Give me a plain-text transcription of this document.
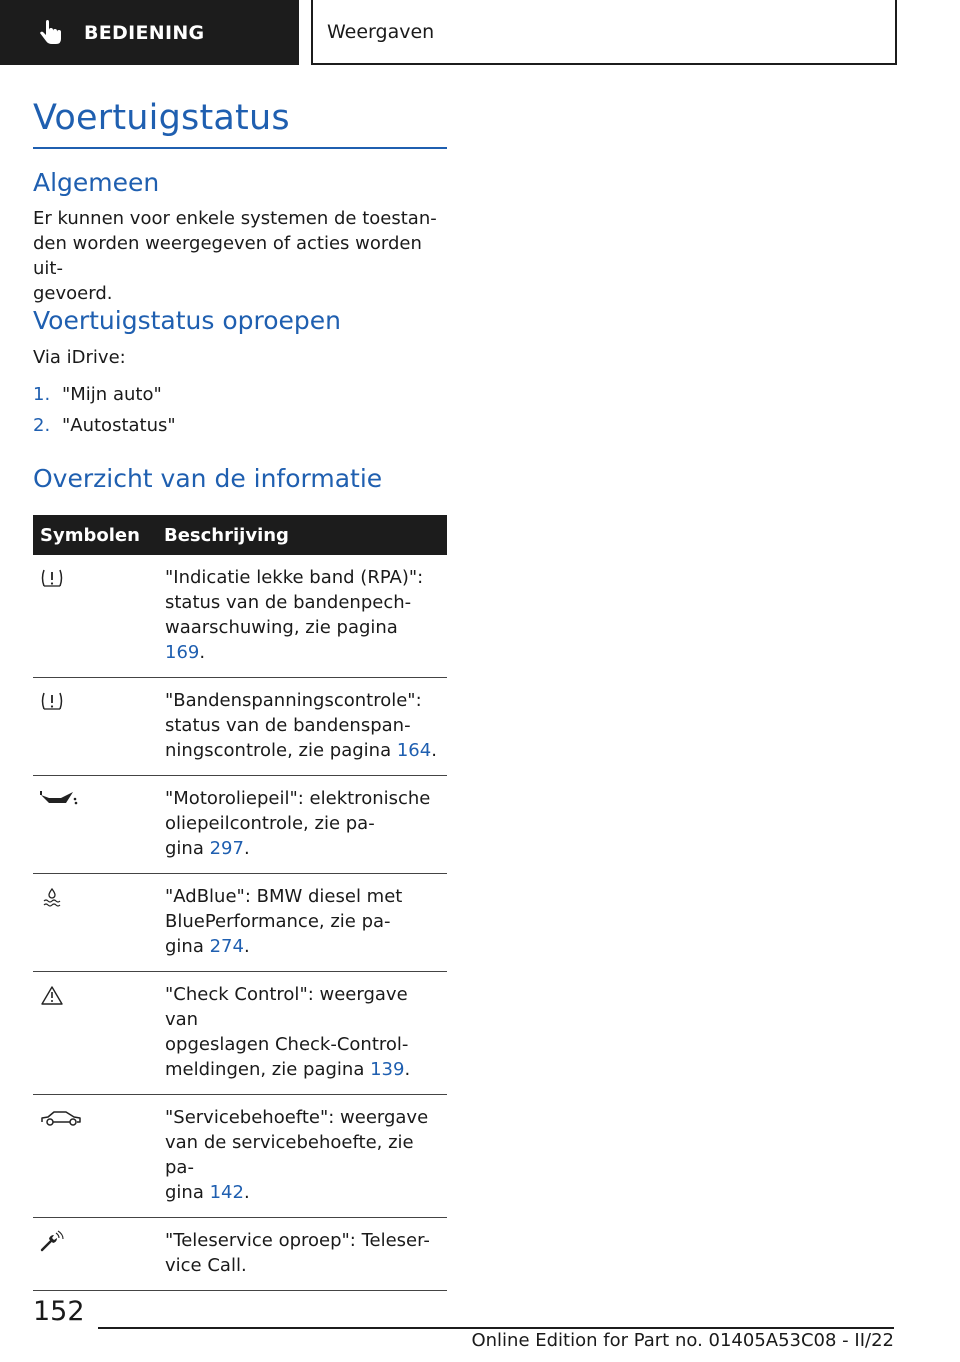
BEDIENING	Weergaven
Voertuigstatus
Algemeen
Er kunnen voor enkele systemen de toestan-
den worden weergegeven of acties worden uit-
gevoerd.
Voertuigstatus oproepen
Via iDrive:
1. "Mijn auto"
2. "Autostatus"
Overzicht van de informatie
Symbolen	Beschrijving

"Indicatie lekke band (RPA)":
status van de bandenpech-
waarschuwing, zie pagina 169.

"Bandenspanningscontrole":
status van de bandenspan-
ningscontrole, zie pagina 164.

"Motoroliepeil": elektronische
oliepeilcontrole, zie pa-
gina 297.

"AdBlue": BMW diesel met
BluePerformance, zie pa-
gina 274.

"Check Control": weergave van
opgeslagen Check-Control-
meldingen, zie pagina 139.

"Servicebehoefte": weergave
van de servicebehoefte, zie pa-
gina 142.

"Teleservice oproep": Teleser-
vice Call.
152
Online Edition for Part no. 01405A53C08 - II/22
